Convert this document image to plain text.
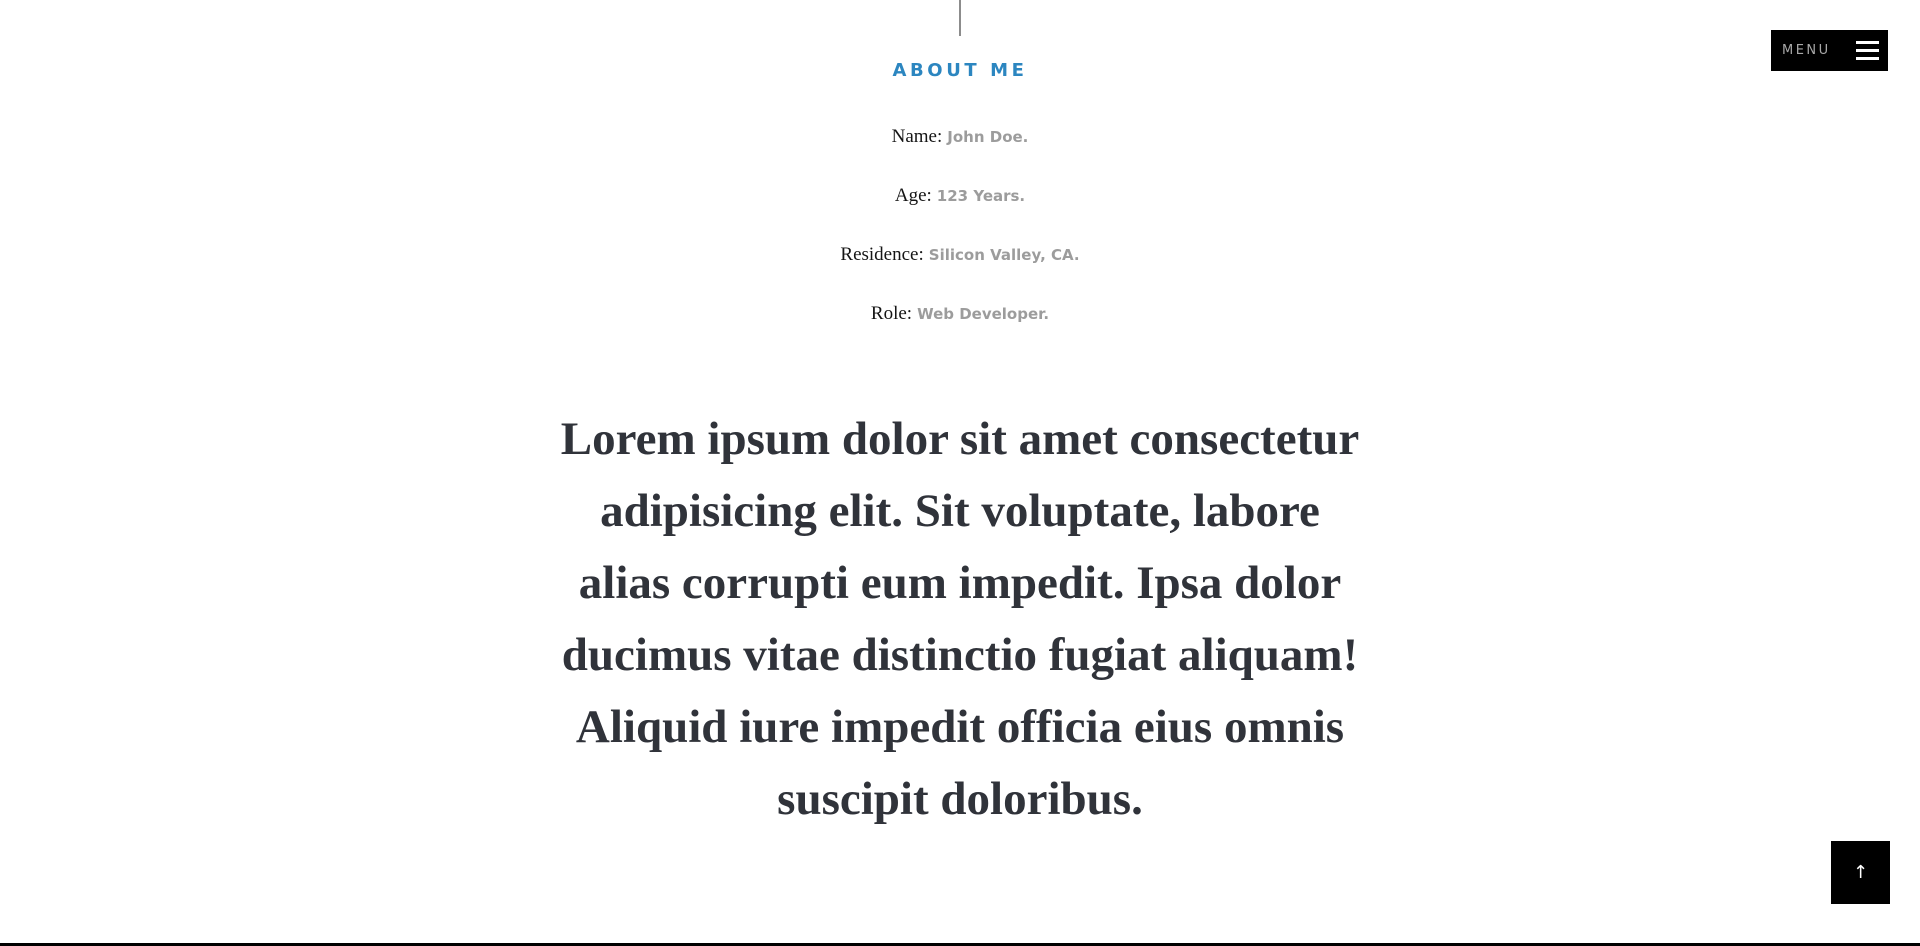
ABOUT ME
Name: John Doe.
Age: 123 Years.
Residence: Silicon Valley, CA.
Role: Web Developer.

Lorem ipsum dolor sit amet consectetur adipisicing elit. Sit voluptate, labore alias corrupti eum impedit. Ipsa dolor ducimus vitae distinctio fugiat aliquam! Aliquid iure impedit officia eius omnis suscipit doloribus.

MENU
↑
